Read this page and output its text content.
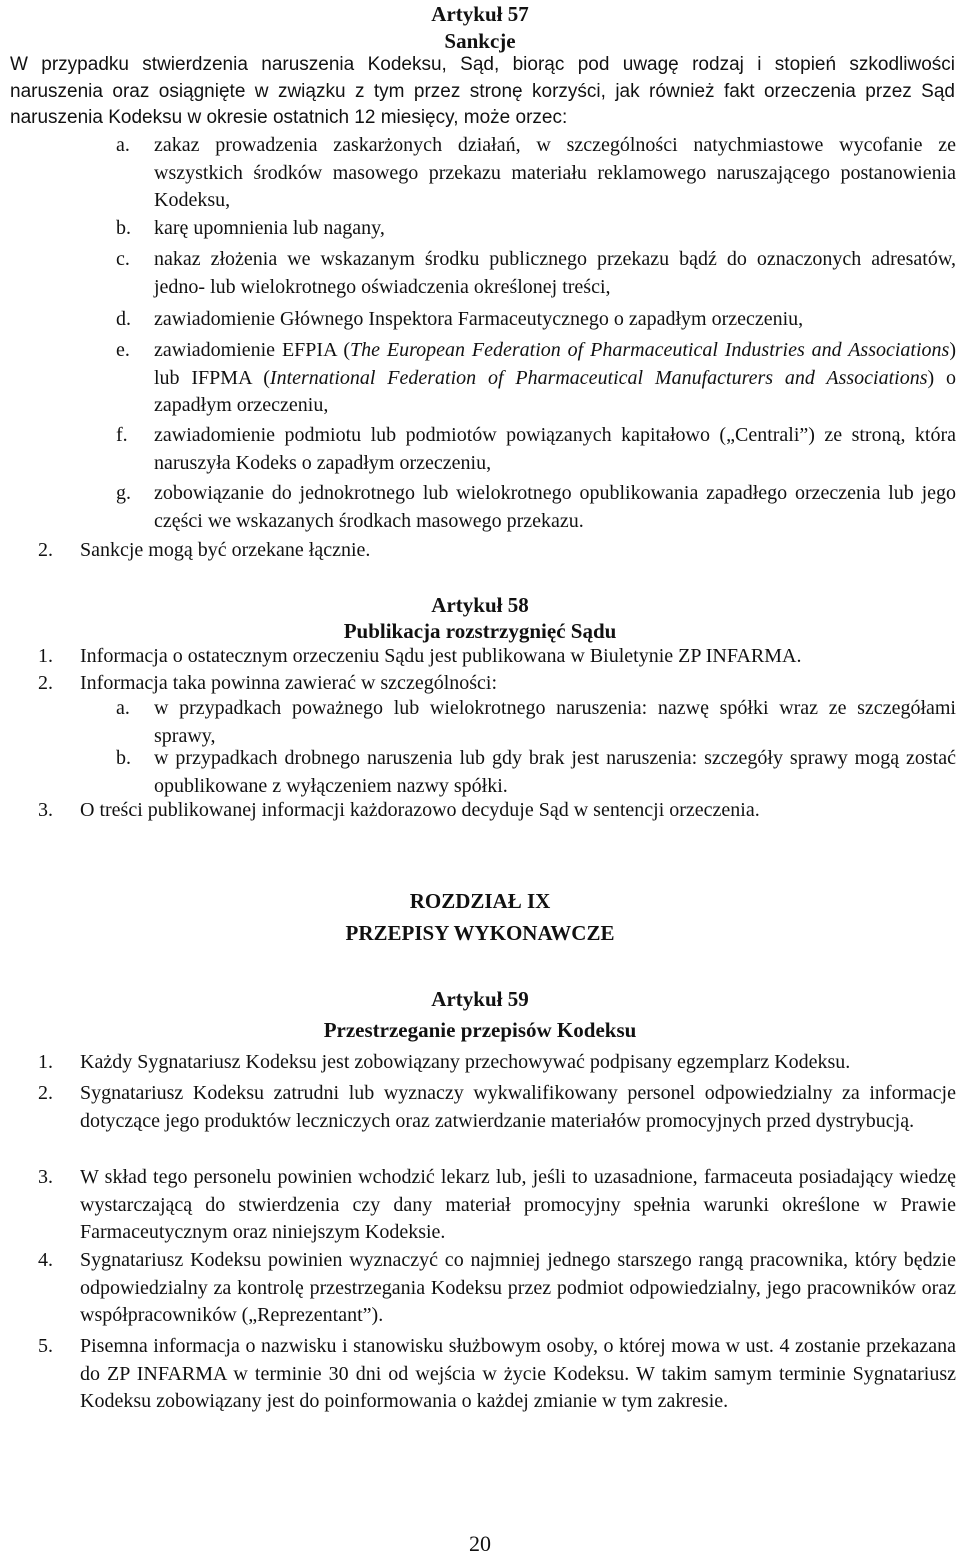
Artykuł 57
Sankcje
W przypadku stwierdzenia naruszenia Kodeksu, Sąd, biorąc pod uwagę rodzaj i stopień szkodliwości naruszenia oraz osiągnięte w związku z tym przez stronę korzyści, jak również fakt orzeczenia przez Sąd naruszenia Kodeksu w okresie ostatnich 12 miesięcy, może orzec:
a. zakaz prowadzenia zaskarżonych działań, w szczególności natychmiastowe wycofanie ze wszystkich środków masowego przekazu materiału reklamowego naruszającego postanowienia Kodeksu,
b. karę upomnienia lub nagany,
c. nakaz złożenia we wskazanym środku publicznego przekazu bądź do oznaczonych adresatów, jedno- lub wielokrotnego oświadczenia określonej treści,
d. zawiadomienie Głównego Inspektora Farmaceutycznego o zapadłym orzeczeniu,
e. zawiadomienie EFPIA (The European Federation of Pharmaceutical Industries and Associations) lub IFPMA (International Federation of Pharmaceutical Manufacturers and Associations) o zapadłym orzeczeniu,
f. zawiadomienie podmiotu lub podmiotów powiązanych kapitałowo („Centrali”) ze stroną, która naruszyła Kodeks o zapadłym orzeczeniu,
g. zobowiązanie do jednokrotnego lub wielokrotnego opublikowania zapadłego orzeczenia lub jego części we wskazanych środkach masowego przekazu.
2. Sankcje mogą być orzekane łącznie.
Artykuł 58
Publikacja rozstrzygnięć Sądu
1. Informacja o ostatecznym orzeczeniu Sądu jest publikowana w Biuletynie ZP INFARMA.
2. Informacja taka powinna zawierać w szczególności:
a. w przypadkach poważnego lub wielokrotnego naruszenia: nazwę spółki wraz ze szczegółami sprawy,
b. w przypadkach drobnego naruszenia lub gdy brak jest naruszenia: szczegóły sprawy mogą zostać opublikowane z wyłączeniem nazwy spółki.
3. O treści publikowanej informacji każdorazowo decyduje Sąd w sentencji orzeczenia.
ROZDZIAŁ IX
PRZEPISY WYKONAWCZE
Artykuł 59
Przestrzeganie przepisów Kodeksu
1. Każdy Sygnatariusz Kodeksu jest zobowiązany przechowywać podpisany egzemplarz Kodeksu.
2. Sygnatariusz Kodeksu zatrudni lub wyznaczy wykwalifikowany personel odpowiedzialny za informacje dotyczące jego produktów leczniczych oraz zatwierdzanie materiałów promocyjnych przed dystrybucją.
3. W skład tego personelu powinien wchodzić lekarz lub, jeśli to uzasadnione, farmaceuta posiadający wiedzę wystarczającą do stwierdzenia czy dany materiał promocyjny spełnia warunki określone w Prawie Farmaceutycznym oraz niniejszym Kodeksie.
4. Sygnatariusz Kodeksu powinien wyznaczyć co najmniej jednego starszego rangą pracownika, który będzie odpowiedzialny za kontrolę przestrzegania Kodeksu przez podmiot odpowiedzialny, jego pracowników oraz współpracowników („Reprezentant”).
5. Pisemna informacja o nazwisku i stanowisku służbowym osoby, o której mowa w ust. 4 zostanie przekazana do ZP INFARMA w terminie 30 dni od wejścia w życie Kodeksu. W takim samym terminie Sygnatariusz Kodeksu zobowiązany jest do poinformowania o każdej zmianie w tym zakresie.
20
